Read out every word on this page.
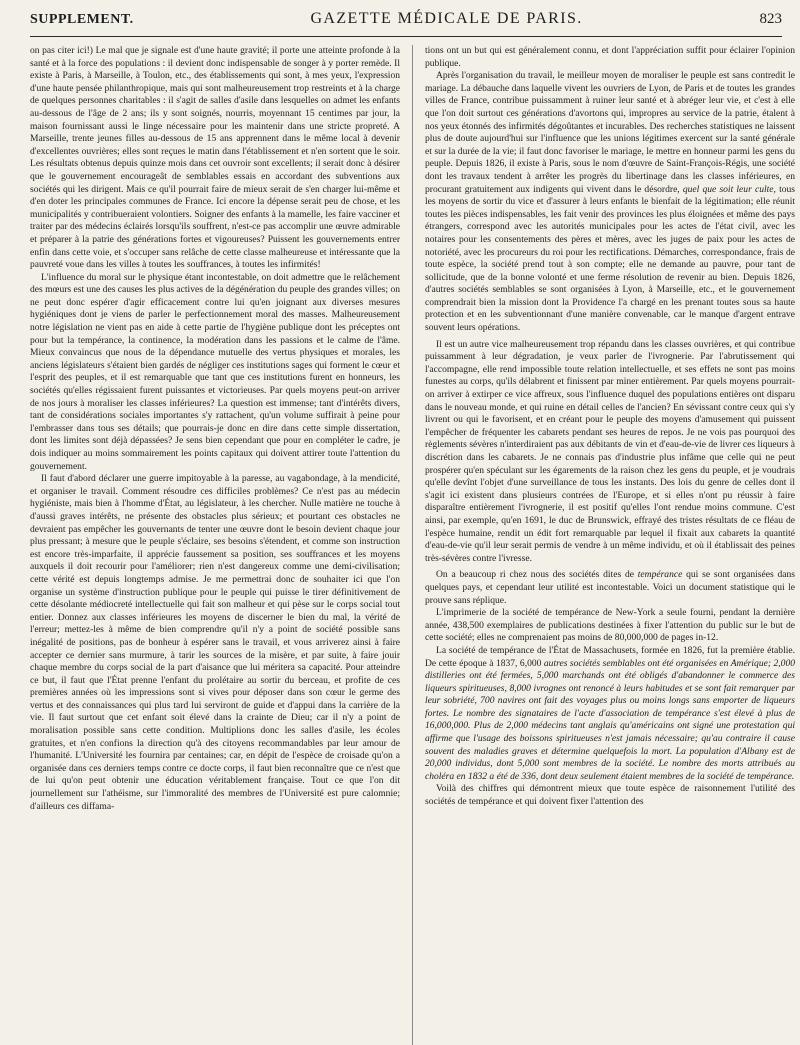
SUPPLEMENT.	GAZETTE MÉDICALE DE PARIS.	823

on pas citer ici!) Le mal que je signale est d'une haute gravité; il porte une atteinte profonde à la santé et à la force des populations : il devient donc indispensable de songer à y porter remède. Il existe à Paris, à Marseille, à Toulon, etc., des établissements qui sont, à mes yeux, l'expression d'une haute pensée philanthropique, mais qui sont malheureusement trop restreints et à la charge de quelques personnes charitables : il s'agit de salles d'asile dans lesquelles on admet les enfants au-dessous de l'âge de 2 ans; ils y sont soignés, nourris, moyennant 15 centimes par jour, la maison fournissant aussi le linge nécessaire pour les maintenir dans une stricte propreté. A Marseille, trente jeunes filles au-dessous de 15 ans apprennent dans le même local à devenir d'excellentes ouvrières; elles sont reçues le matin dans l'établissement et n'en sortent que le soir. Les résultats obtenus depuis quinze mois dans cet ouvroir sont excellents; il serait donc à désirer que le gouvernement encourageât de semblables essais en accordant des subventions aux sociétés qui les dirigent. Mais ce qu'il pourrait faire de mieux serait de s'en charger lui-même et d'en doter les principales communes de France. Ici encore la dépense serait peu de chose, et les municipalités y contribueraient volontiers. Soigner des enfants à la mamelle, les faire vacciner et traiter par des médecins éclairés lorsqu'ils souffrent, n'est-ce pas accomplir une œuvre admirable et préparer à la patrie des générations fortes et vigoureuses? Puissent les gouvernements entrer enfin dans cette voie, et s'occuper sans relâche de cette classe malheureuse et intéressante que la pauvreté voue dans les villes à toutes les souffrances, à toutes les infirmités!

L'influence du moral sur le physique étant incontestable, on doit admettre que le relâchement des mœurs est une des causes les plus actives de la dégénération du peuple des grandes villes; on ne peut donc espérer d'agir efficacement contre lui qu'en joignant aux diverses mesures hygiéniques dont je viens de parler le perfectionnement moral des masses. Malheureusement notre législation ne vient pas en aide à cette partie de l'hygiène publique dont les préceptes ont pour but la tempérance, la continence, la modération dans les passions et le calme de l'âme. Mieux convaincus que nous de la dépendance mutuelle des vertus physiques et morales, les anciens législateurs s'étaient bien gardés de négliger ces institutions sages qui forment le cœur et l'esprit des peuples, et il est remarquable que tant que ces institutions furent en honneurs, les sociétés qu'elles régissaient furent puissantes et victorieuses. Par quels moyens peut-on arriver de nos jours à moraliser les classes inférieures? La question est immense; tant d'intérêts divers, tant de considérations sociales importantes s'y rattachent, qu'un volume suffirait à peine pour l'embrasser dans tous ses détails; que pourrais-je donc en dire dans cette simple dissertation, dont les limites sont déjà dépassées? Je sens bien cependant que pour en compléter le cadre, je dois indiquer au moins sommairement les points capitaux qui doivent attirer toute l'attention du gouvernement.

Il faut d'abord déclarer une guerre impitoyable à la paresse, au vagabondage, à la mendicité, et organiser le travail. Comment résoudre ces difficiles problèmes? Ce n'est pas au médecin hygiéniste, mais bien à l'homme d'État, au législateur, à les chercher. Nulle matière ne touche à d'aussi graves intérêts, ne présente des obstacles plus sérieux; et pourtant ces obstacles ne devraient pas empêcher les gouvernants de tenter une œuvre dont le besoin devient chaque jour plus pressant; à mesure que le peuple s'éclaire, ses besoins s'étendent, et comme son instruction est encore très-imparfaite, il apprécie faussement sa position, ses souffrances et les moyens auxquels il doit recourir pour l'améliorer; rien n'est dangereux comme une demi-civilisation; cette vérité est depuis longtemps admise. Je me permettrai donc de souhaiter ici que l'on organise un système d'instruction publique pour le peuple qui puisse le tirer définitivement de cette désolante médiocreté intellectuelle qui fait son malheur et qui pèse sur le corps social tout entier. Donnez aux classes inférieures les moyens de discerner le bien du mal, la vérité de l'erreur; mettez-les à même de bien comprendre qu'il n'y a point de société possible sans inégalité de positions, pas de bonheur à espérer sans le travail, et vous arriverez ainsi à faire accepter ce dernier sans murmure, à tarir les sources de la misère, et par suite, à faire jouir chaque membre du corps social de la part d'aisance que lui méritera sa capacité. Pour atteindre ce but, il faut que l'État prenne l'enfant du prolétaire au sortir du berceau, et profite de ces premières années où les impressions sont si vives pour déposer dans son cœur le germe des vertus et des connaissances qui plus tard lui serviront de guide et d'appui dans la carrière de la vie. Il faut surtout que cet enfant soit élevé dans la crainte de Dieu; car il n'y a point de moralisation possible sans cette condition. Multiplions donc les salles d'asile, les écoles gratuites, et n'en confions la direction qu'à des citoyens recommandables par leur amour de l'humanité. L'Université les fournira par centaines; car, en dépit de l'espèce de croisade qu'on a organisée dans ces derniers temps contre ce docte corps, il faut bien reconnaître que ce n'est que de lui qu'on peut obtenir une éducation véritablement française. Tout ce que l'on dit journellement sur l'athéisme, sur l'immoralité des membres de l'Université est pure calomnie; d'ailleurs ces diffama-

tions ont un but qui est généralement connu, et dont l'appréciation suffit pour éclairer l'opinion publique.

Après l'organisation du travail, le meilleur moyen de moraliser le peuple est sans contredit le mariage. La débauche dans laquelle vivent les ouvriers de Lyon, de Paris et de toutes les grandes villes de France, contribue puissamment à ruiner leur santé et à abréger leur vie, et c'est à elle que l'on doit surtout ces générations d'avortons qui, impropres au service de la patrie, étalent à nos yeux étonnés des infirmités dégoûtantes et incurables. Des recherches statistiques ne laissent plus de doute aujourd'hui sur l'influence que les unions légitimes exercent sur la santé générale et sur la durée de la vie; il faut donc favoriser le mariage, le mettre en honneur parmi les gens du peuple. Depuis 1826, il existe à Paris, sous le nom d'œuvre de Saint-François-Régis, une société dont les travaux tendent à arrêter les progrès du libertinage dans les classes inférieures, en procurant gratuitement aux indigents qui vivent dans le désordre, quel que soit leur culte, tous les moyens de sortir du vice et d'assurer à leurs enfants le bienfait de la légitimation; elle réunit toutes les pièces indispensables, les fait venir des provinces les plus éloignées et même des pays étrangers, correspond avec les autorités municipales pour les actes de l'état civil, avec les notaires pour les consentements des pères et mères, avec les juges de paix pour les actes de notoriété, avec les procureurs du roi pour les rectifications. Démarches, correspondance, frais de toute espèce, la société prend tout à son compte; elle ne demande au pauvre, pour tant de sollicitude, que de la bonne volonté et une ferme résolution de revenir au bien. Depuis 1826, d'autres sociétés semblables se sont organisées à Lyon, à Marseille, etc., et le gouvernement comprendrait bien la mission dont la Providence l'a chargé en les prenant toutes sous sa haute protection et en les subventionnant d'une manière convenable, car le manque d'argent entrave souvent leurs opérations.

Il est un autre vice malheureusement trop répandu dans les classes ouvrières, et qui contribue puissamment à leur dégradation, je veux parler de l'ivrognerie. Par l'abrutissement qui l'accompagne, elle rend impossible toute relation intellectuelle, et ses effets ne sont pas moins funestes au corps, qu'ils délabrent et finissent par miner entièrement. Par quels moyens pourrait-on arriver à extirper ce vice affreux, sous l'influence duquel des populations entières ont disparu dans le nouveau monde, et qui ruine en détail celles de l'ancien? En sévissant contre ceux qui s'y livrent ou qui le favorisent, et en créant pour le peuple des moyens d'amusement qui puissent l'empêcher de fréquenter les cabarets pendant ses heures de repos. Je ne vois pas pourquoi des règlements sévères n'interdiraient pas aux débitants de vin et d'eau-de-vie de livrer ces liqueurs à discrétion dans les cabarets. Je ne connais pas d'industrie plus infâme que celle qui ne peut prospérer qu'en spéculant sur les égarements de la raison chez les gens du peuple, et je voudrais qu'elle devînt l'objet d'une surveillance de tous les instants. Des lois du genre de celles dont il s'agit ici existent dans plusieurs contrées de l'Europe, et si elles n'ont pu réussir à faire disparaître entièrement l'ivrognerie, il est positif qu'elles l'ont rendue moins commune. C'est ainsi, par exemple, qu'en 1691, le duc de Brunswick, effrayé des tristes résultats de ce fléau de l'espèce humaine, rendit un édit fort remarquable par lequel il fixait aux cabarets la quantité d'eau-de-vie qu'il leur serait permis de vendre à un même individu, et où il établissait des peines très-sévères contre l'ivresse.

On a beaucoup ri chez nous des sociétés dites de tempérance qui se sont organisées dans quelques pays, et cependant leur utilité est incontestable. Voici un document statistique qui le prouve sans réplique.

L'imprimerie de la société de tempérance de New-York a seule fourni, pendant la dernière année, 438,500 exemplaires de publications destinées à fixer l'attention du public sur le but de cette société; elles ne comprenaient pas moins de 80,000,000 de pages in-12.

La société de tempérance de l'État de Massachusets, formée en 1826, fut la première établie. De cette époque à 1837, 6,000 autres sociétés semblables ont été organisées en Amérique; 2,000 distilleries ont été fermées, 5,000 marchands ont été obligés d'abandonner le commerce des liqueurs spiritueuses, 8,000 ivrognes ont renoncé à leurs habitudes et se sont fait remarquer par leur sobriété, 700 navires ont fait des voyages plus ou moins longs sans emporter de liqueurs fortes. Le nombre des signataires de l'acte d'association de tempérance s'est élevé à plus de 16,000,000. Plus de 2,000 médecins tant anglais qu'américains ont signé une protestation qui affirme que l'usage des boissons spiritueuses n'est jamais nécessaire; qu'au contraire il cause souvent des maladies graves et détermine quelquefois la mort. La population d'Albany est de 20,000 individus, dont 5,000 sont membres de la société. Le nombre des morts attribués au choléra en 1832 a été de 336, dont deux seulement étaient membres de la société de tempérance.

Voilà des chiffres qui démontrent mieux que toute espèce de raisonnement l'utilité des sociétés de tempérance et qui doivent fixer l'attention des
